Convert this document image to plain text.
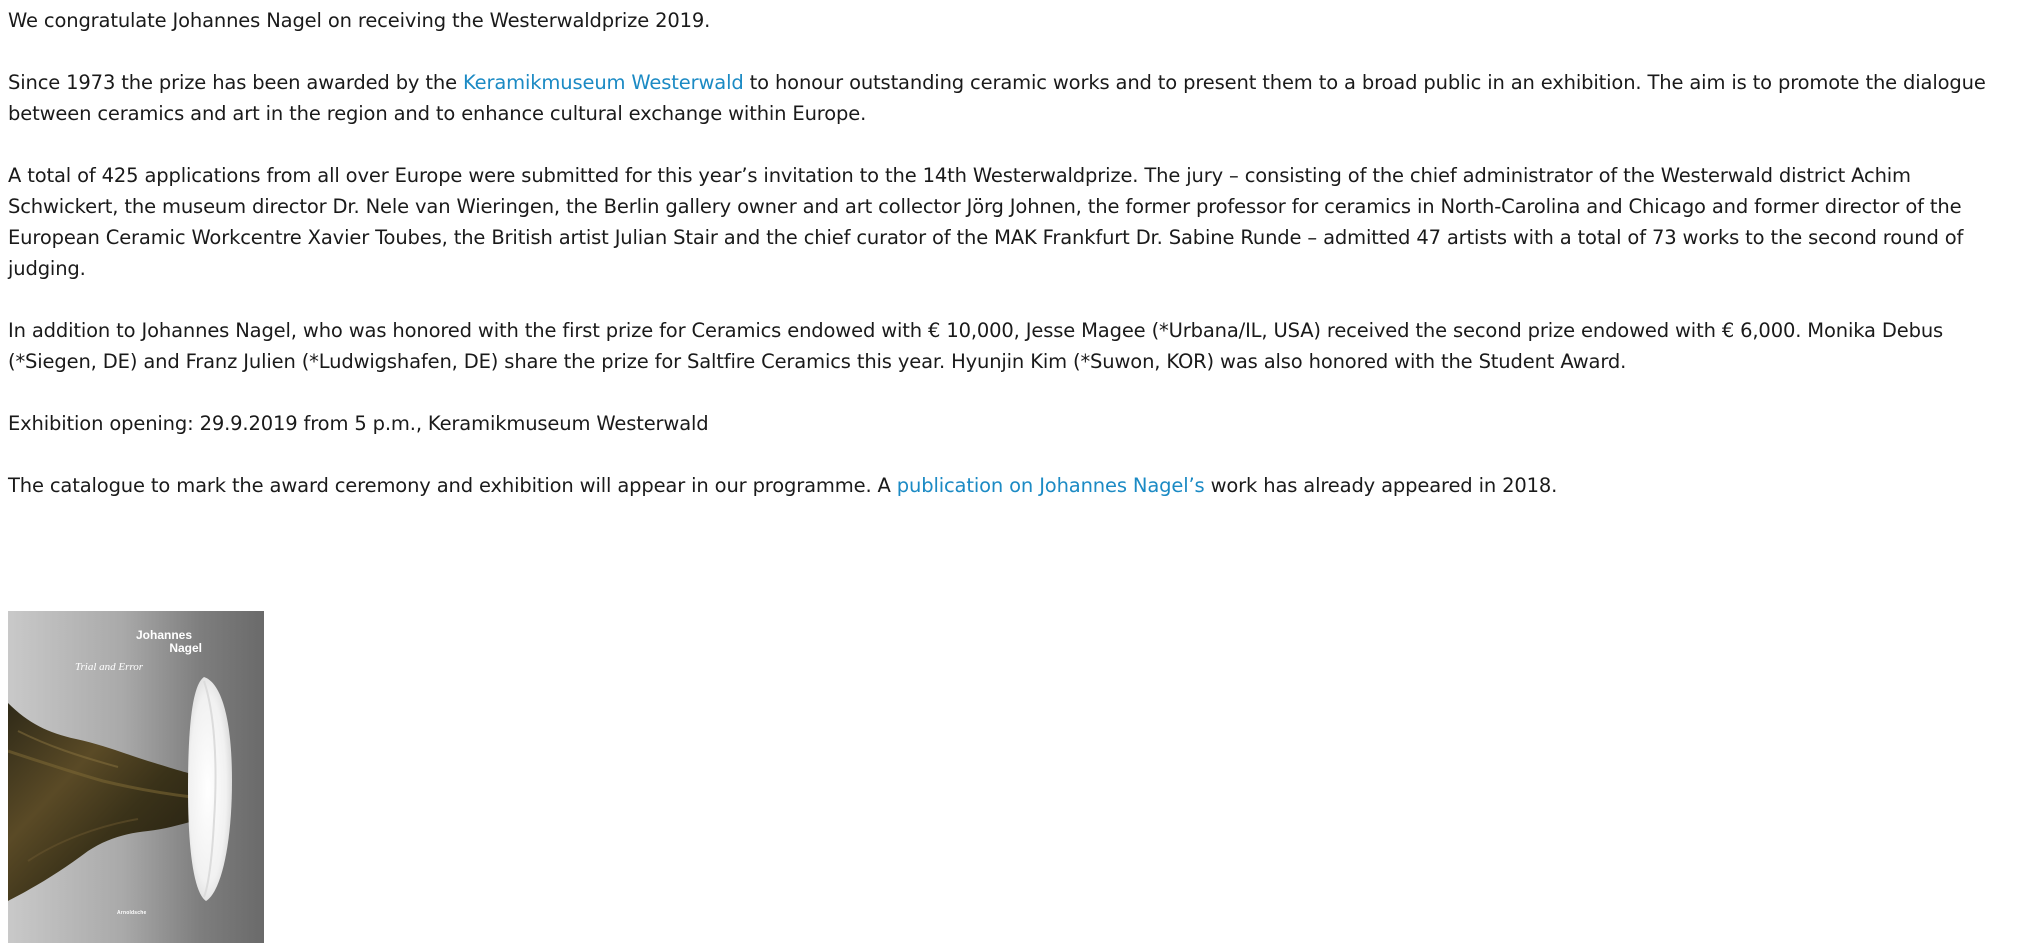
We congratulate Johannes Nagel on receiving the Westerwaldprize 2019.

Since 1973 the prize has been awarded by the Keramikmuseum Westerwald to honour outstanding ceramic works and to present them to a broad public in an exhibition. The aim is to promote the dialogue between ceramics and art in the region and to enhance cultural exchange within Europe.

A total of 425 applications from all over Europe were submitted for this year’s invitation to the 14th Westerwaldprize. The jury – consisting of the chief administrator of the Westerwald district Achim Schwickert, the museum director Dr. Nele van Wieringen, the Berlin gallery owner and art collector Jörg Johnen, the former professor for ceramics in North-Carolina and Chicago and former director of the European Ceramic Workcentre Xavier Toubes, the British artist Julian Stair and the chief curator of the MAK Frankfurt Dr. Sabine Runde – admitted 47 artists with a total of 73 works to the second round of judging.

In addition to Johannes Nagel, who was honored with the first prize for Ceramics endowed with € 10,000, Jesse Magee (*Urbana/IL, USA) received the second prize endowed with € 6,000. Monika Debus (*Siegen, DE) and Franz Julien (*Ludwigshafen, DE) share the prize for Saltfire Ceramics this year. Hyunjin Kim (*Suwon, KOR) was also honored with the Student Award.

Exhibition opening: 29.9.2019 from 5 p.m., Keramikmuseum Westerwald

The catalogue to mark the award ceremony and exhibition will appear in our programme. A publication on Johannes Nagel’s work has already appeared in 2018.

Johannes
Nagel
Trial and Error
Arnoldsche
